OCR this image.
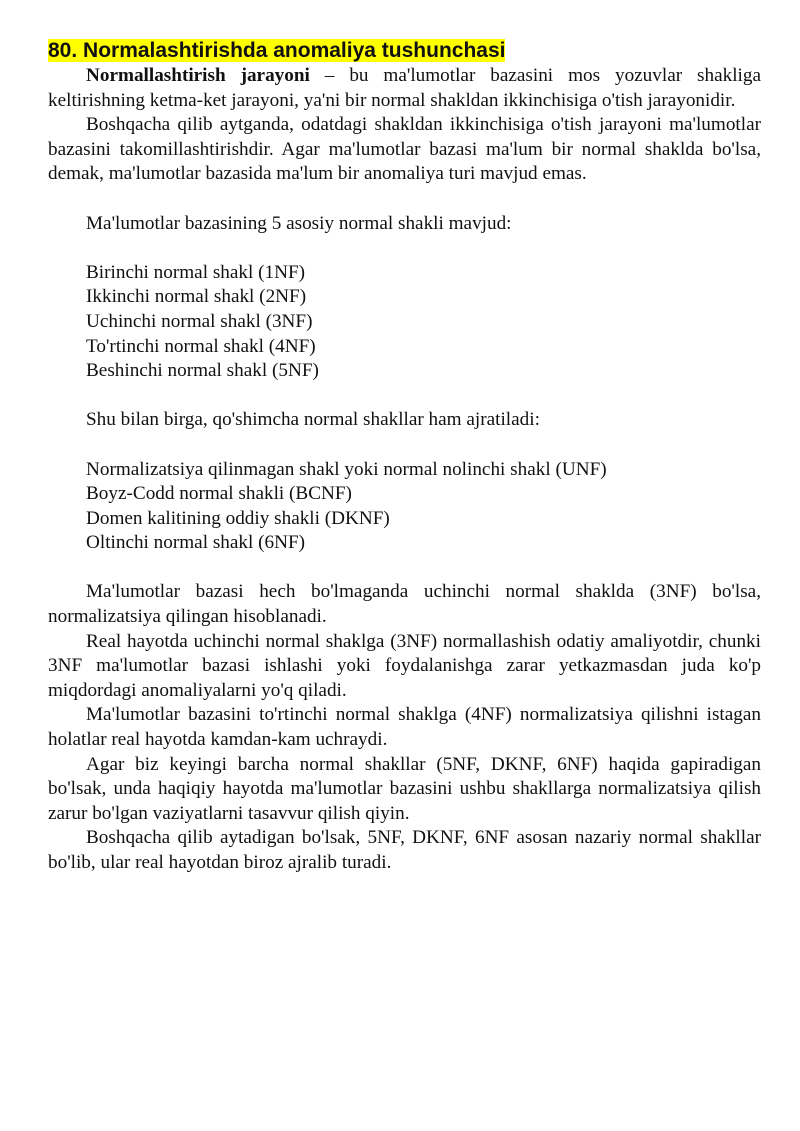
80. Normalashtirishda anomaliya tushunchasi

Normallashtirish jarayoni – bu ma'lumotlar bazasini mos yozuvlar shakliga keltirishning ketma-ket jarayoni, ya'ni bir normal shakldan ikkinchisiga o'tish jarayonidir.

Boshqacha qilib aytganda, odatdagi shakldan ikkinchisiga o'tish jarayoni ma'lumotlar bazasini takomillashtirishdir. Agar ma'lumotlar bazasi ma'lum bir normal shaklda bo'lsa, demak, ma'lumotlar bazasida ma'lum bir anomaliya turi mavjud emas.

Ma'lumotlar bazasining 5 asosiy normal shakli mavjud:

Birinchi normal shakl (1NF)
Ikkinchi normal shakl (2NF)
Uchinchi normal shakl (3NF)
To'rtinchi normal shakl (4NF)
Beshinchi normal shakl (5NF)

Shu bilan birga, qo'shimcha normal shakllar ham ajratiladi:

Normalizatsiya qilinmagan shakl yoki normal nolinchi shakl (UNF)
Boyz-Codd normal shakli (BCNF)
Domen kalitining oddiy shakli (DKNF)
Oltinchi normal shakl (6NF)

Ma'lumotlar bazasi hech bo'lmaganda uchinchi normal shaklda (3NF) bo'lsa, normalizatsiya qilingan hisoblanadi.

Real hayotda uchinchi normal shaklga (3NF) normallashish odatiy amaliyotdir, chunki 3NF ma'lumotlar bazasi ishlashi yoki foydalanishga zarar yetkazmasdan juda ko'p miqdordagi anomaliyalarni yo'q qiladi.

Ma'lumotlar bazasini to'rtinchi normal shaklga (4NF) normalizatsiya qilishni istagan holatlar real hayotda kamdan-kam uchraydi.

Agar biz keyingi barcha normal shakllar (5NF, DKNF, 6NF) haqida gapiradigan bo'lsak, unda haqiqiy hayotda ma'lumotlar bazasini ushbu shakllarga normalizatsiya qilish zarur bo'lgan vaziyatlarni tasavvur qilish qiyin.

Boshqacha qilib aytadigan bo'lsak, 5NF, DKNF, 6NF asosan nazariy normal shakllar bo'lib, ular real hayotdan biroz ajralib turadi.
